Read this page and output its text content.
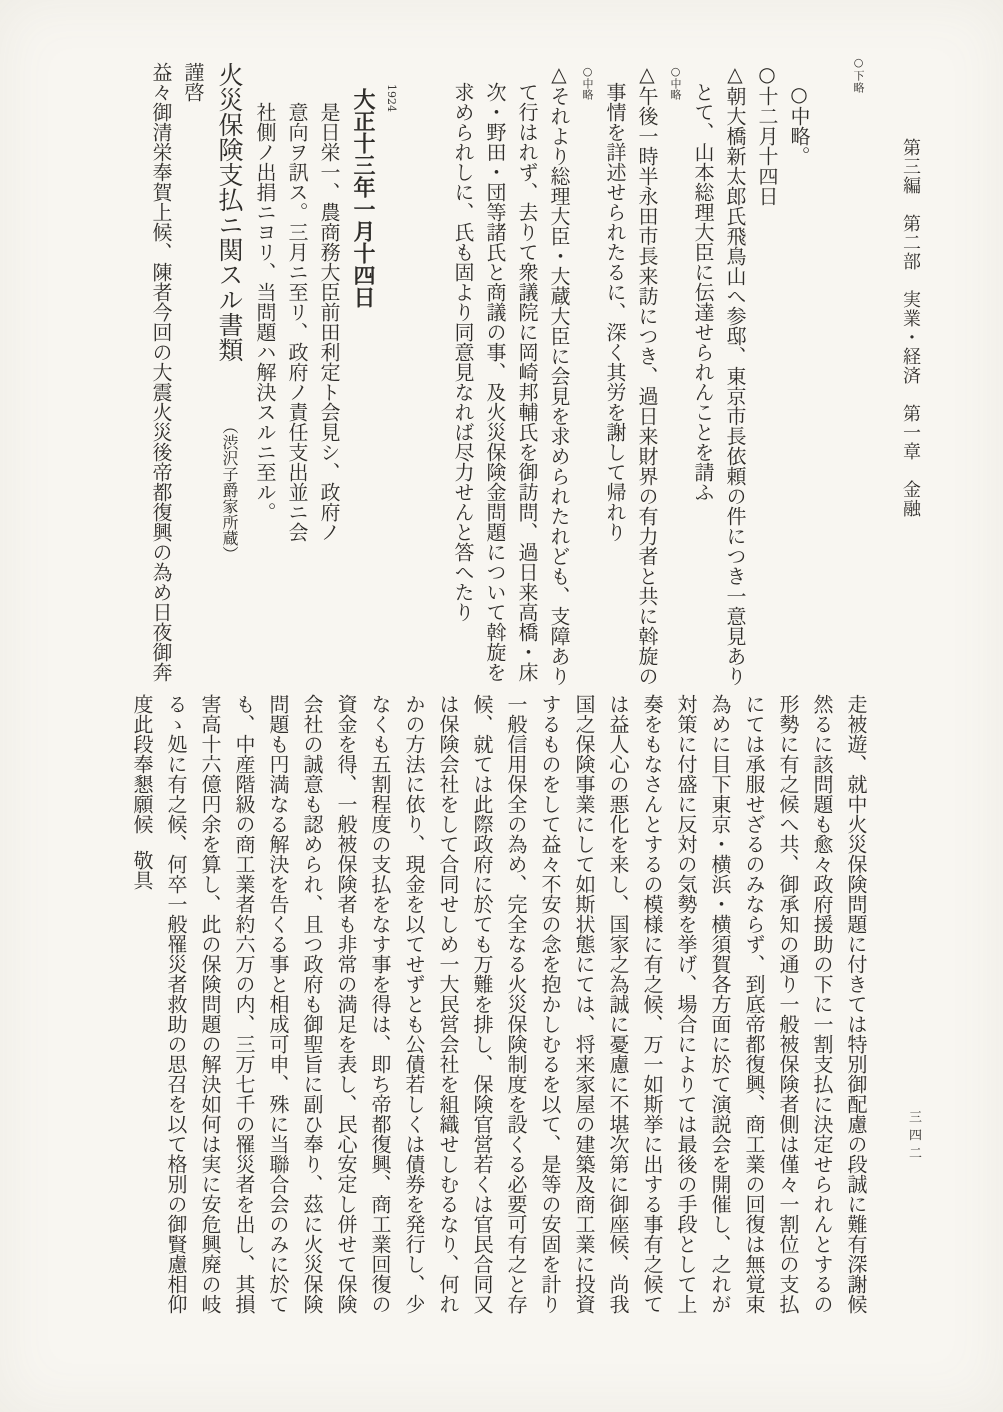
○下略
第三編　第二部　実業・経済　第一章　金融
三四二

　○中略。

○十二月十四日

△朝大橋新太郎氏飛鳥山へ参邸、東京市長依頼の件につき一意見あり

　とて、山本総理大臣に伝達せられんことを請ふ

○中略

△午後一時半永田市長来訪につき、過日来財界の有力者と共に斡旋の

　事情を詳述せられたるに、深く其労を謝して帰れり

○中略

△それより総理大臣・大蔵大臣に会見を求められたれども、支障あり

　て行はれず、去りて衆議院に岡崎邦輔氏を御訪問、過日来高橋・床

　次・野田・団等諸氏と商議の事、及火災保険金問題について斡旋を

　求められしに、氏も固より同意見なれば尽力せんと答へたり

1924

大正十三年一月十四日

　　是日栄一、農商務大臣前田利定ト会見シ、政府ノ

　　意向ヲ訊ス。三月ニ至リ、政府ノ責任支出並ニ会

　　社側ノ出捐ニヨリ、当問題ハ解決スルニ至ル。

火災保険支払ニ関スル書類（渋沢子爵家所蔵）

謹啓

益々御清栄奉賀上候、陳者今回の大震火災後帝都復興の為め日夜御奔

走被遊、就中火災保険問題に付きては特別御配慮の段誠に難有深謝候

然るに該問題も愈々政府援助の下に一割支払に決定せられんとするの

形勢に有之候へ共、御承知の通り一般被保険者側は僅々一割位の支払

にては承服せざるのみならず、到底帝都復興、商工業の回復は無覚束

為めに目下東京・横浜・横須賀各方面に於て演説会を開催し、之れが

対策に付盛に反対の気勢を挙げ、場合によりては最後の手段として上

奏をもなさんとするの模様に有之候、万一如斯挙に出する事有之候て

は益人心の悪化を来し、国家之為誠に憂慮に不堪次第に御座候、尚我

国之保険事業にして如斯状態にては、将来家屋の建築及商工業に投資

するものをして益々不安の念を抱かしむるを以て、是等の安固を計り

一般信用保全の為め、完全なる火災保険制度を設くる必要可有之と存

候、就ては此際政府に於ても万難を排し、保険官営若くは官民合同又

は保険会社をして合同せしめ一大民営会社を組織せしむるなり、何れ

かの方法に依り、現金を以てせずとも公債若しくは債券を発行し、少

なくも五割程度の支払をなす事を得は、即ち帝都復興、商工業回復の

資金を得、一般被保険者も非常の満足を表し、民心安定し併せて保険

会社の誠意も認められ、且つ政府も御聖旨に副ひ奉り、茲に火災保険

問題も円満なる解決を告くる事と相成可申、殊に当聯合会のみに於て

も、中産階級の商工業者約六万の内、三万七千の罹災者を出し、其損

害高十六億円余を算し、此の保険問題の解決如何は実に安危興廃の岐

るゝ処に有之候、何卒一般罹災者救助の思召を以て格別の御賢慮相仰

度此段奉懇願候敬具
